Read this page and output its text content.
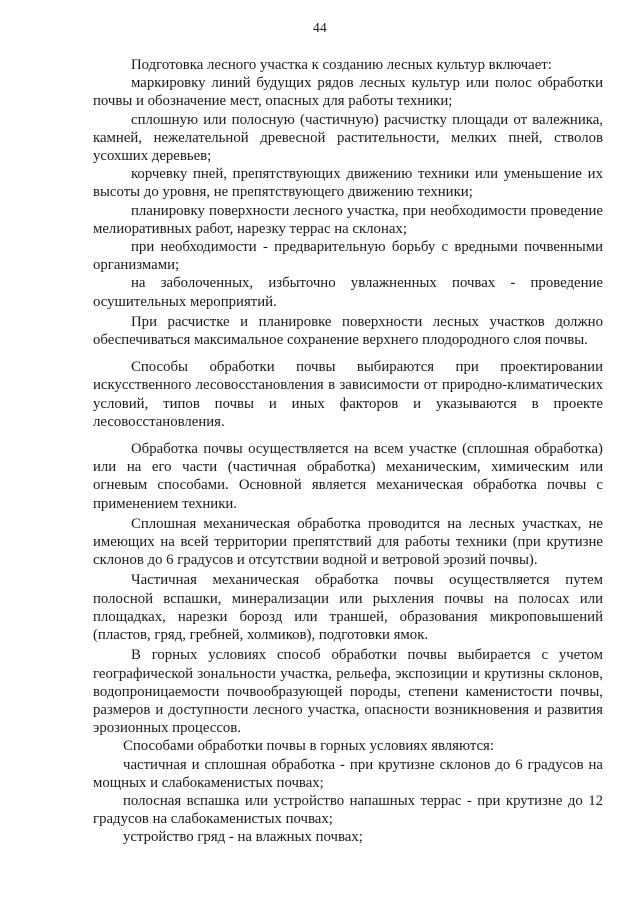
44

Подготовка лесного участка к созданию лесных культур включает:

маркировку линий будущих рядов лесных культур или полос обработки почвы и обозначение мест, опасных для работы техники;

сплошную или полосную (частичную) расчистку площади от валежника, камней, нежелательной древесной растительности, мелких пней, стволов усохших деревьев;

корчевку пней, препятствующих движению техники или уменьшение их высоты до уровня, не препятствующего движению техники;

планировку поверхности лесного участка, при необходимости проведение мелиоративных работ, нарезку террас на склонах;

при необходимости - предварительную борьбу с вредными почвенными организмами;

на заболоченных, избыточно увлажненных почвах - проведение осушительных мероприятий.

При расчистке и планировке поверхности лесных участков должно обеспечиваться максимальное сохранение верхнего плодородного слоя почвы.

Способы обработки почвы выбираются при проектировании искусственного лесовосстановления в зависимости от природно-климатических условий, типов почвы и иных факторов и указываются в проекте лесовосстановления.

Обработка почвы осуществляется на всем участке (сплошная обработка) или на его части (частичная обработка) механическим, химическим или огневым способами. Основной является механическая обработка почвы с применением техники.

Сплошная механическая обработка проводится на лесных участках, не имеющих на всей территории препятствий для работы техники (при крутизне склонов до 6 градусов и отсутствии водной и ветровой эрозий почвы).

Частичная механическая обработка почвы осуществляется путем полосной вспашки, минерализации или рыхления почвы на полосах или площадках, нарезки борозд или траншей, образования микроповышений (пластов, гряд, гребней, холмиков), подготовки ямок.

В горных условиях способ обработки почвы выбирается с учетом географической зональности участка, рельефа, экспозиции и крутизны склонов, водопроницаемости почвообразующей породы, степени каменистости почвы, размеров и доступности лесного участка, опасности возникновения и развития эрозионных процессов.

Способами обработки почвы в горных условиях являются:

частичная и сплошная обработка - при крутизне склонов до 6 градусов на мощных и слабокаменистых почвах;

полосная вспашка или устройство напашных террас - при крутизне до 12 градусов на слабокаменистых почвах;

устройство гряд - на влажных почвах;
